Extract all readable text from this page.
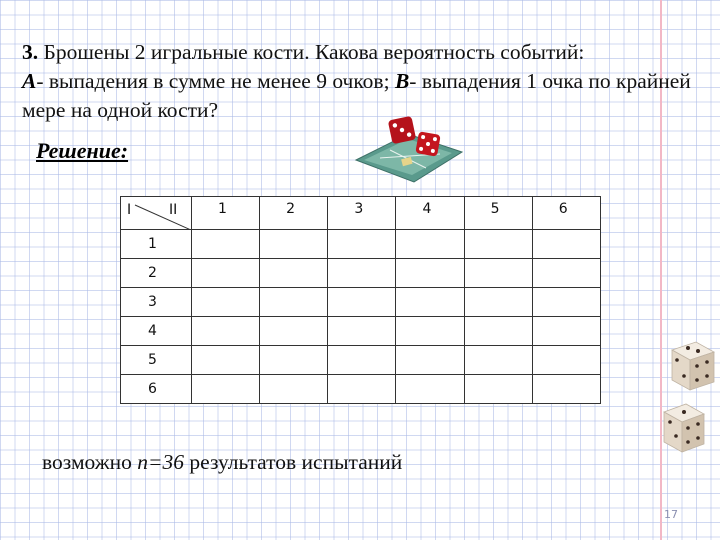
3. Брошены 2 игральные кости. Какова вероятность событий:
А- выпадения в сумме не менее 9 очков; В- выпадения 1 очка по крайней мере на одной кости?

Решение:

I II	1	2	3	4	5	6
1						
2						
3						
4						
5						
6						

возможно n=36 результатов испытаний

17
